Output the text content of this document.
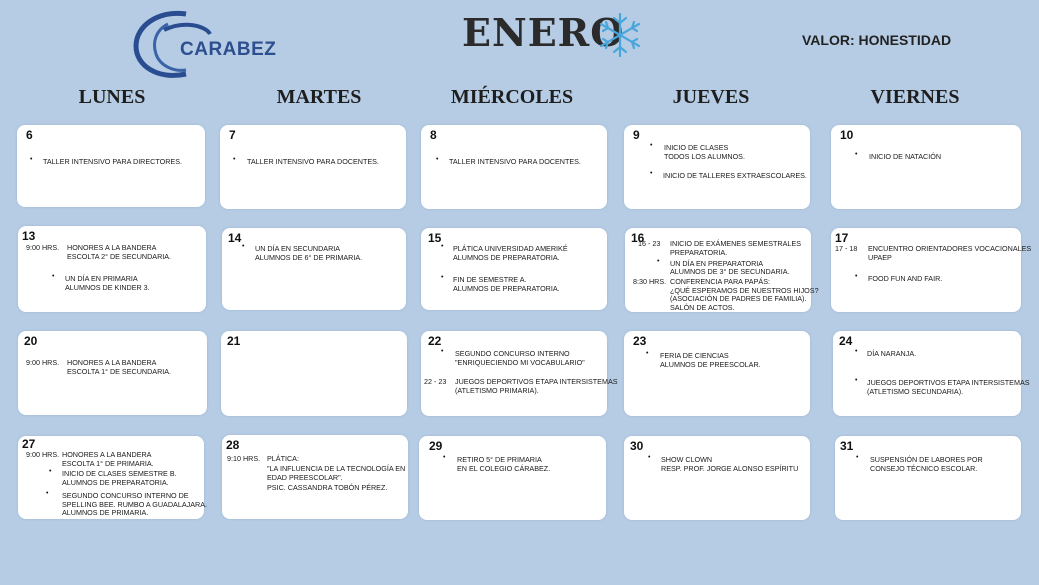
CARABEZ	ENERO	VALOR: HONESTIDAD
LUNES	MARTES	MIÉRCOLES	JUEVES	VIERNES
6
• TALLER INTENSIVO PARA DIRECTORES.
7
• TALLER INTENSIVO PARA DOCENTES.
8
• TALLER INTENSIVO PARA DOCENTES.
9
• INICIO DE CLASES
TODOS LOS ALUMNOS.
• INICIO DE TALLERES EXTRAESCOLARES.
10
• INICIO DE NATACIÓN
13
9:00 HRS. HONORES A LA BANDERA
ESCOLTA 2° DE SECUNDARIA.
• UN DÍA EN PRIMARIA
ALUMNOS DE KINDER 3.
14
• UN DÍA EN SECUNDARIA
ALUMNOS DE 6° DE PRIMARIA.
15
• PLÁTICA UNIVERSIDAD AMERIKÉ
ALUMNOS DE PREPARATORIA.
• FIN DE SEMESTRE A.
ALUMNOS DE PREPARATORIA.
16
16 - 23 INICIO DE EXÁMENES SEMESTRALES
PREPARATORIA.
• UN DÍA EN PREPARATORIA
ALUMNOS DE 3° DE SECUNDARIA.
8:30 HRS. CONFERENCIA PARA PAPÁS:
¿QUÉ ESPERAMOS DE NUESTROS HIJOS?
(ASOCIACIÓN DE PADRES DE FAMILIA).
SALÓN DE ACTOS.
17
17 - 18 ENCUENTRO ORIENTADORES VOCACIONALES
UPAEP
• FOOD FUN AND FAIR.
20
9:00 HRS. HONORES A LA BANDERA
ESCOLTA 1° DE SECUNDARIA.
21	22
• SEGUNDO CONCURSO INTERNO
"ENRIQUECIENDO MI VOCABULARIO"
22 - 23 JUEGOS DEPORTIVOS ETAPA INTERSISTEMAS
(ATLETISMO PRIMARIA).
23
• FERIA DE CIENCIAS
ALUMNOS DE PREESCOLAR.
24
• DÍA NARANJA.
• JUEGOS DEPORTIVOS ETAPA INTERSISTEMAS
(ATLETISMO SECUNDARIA).
27
9:00 HRS. HONORES A LA BANDERA
ESCOLTA 1° DE PRIMARIA.
• INICIO DE CLASES SEMESTRE B.
ALUMNOS DE PREPARATORIA.
• SEGUNDO CONCURSO INTERNO DE
SPELLING BEE. RUMBO A GUADALAJARA.
ALUMNOS DE PRIMARIA.
28
9:10 HRS. PLÁTICA:
"LA INFLUENCIA DE LA TECNOLOGÍA EN
EDAD PREESCOLAR".
PSIC. CASSANDRA TOBÓN PÉREZ.
29
• RETIRO 5° DE PRIMARIA
EN EL COLEGIO CÁRABEZ.
30
• SHOW CLOWN
RESP. PROF. JORGE ALONSO ESPÍRITU
31
• SUSPENSIÓN DE LABORES POR
CONSEJO TÉCNICO ESCOLAR.
